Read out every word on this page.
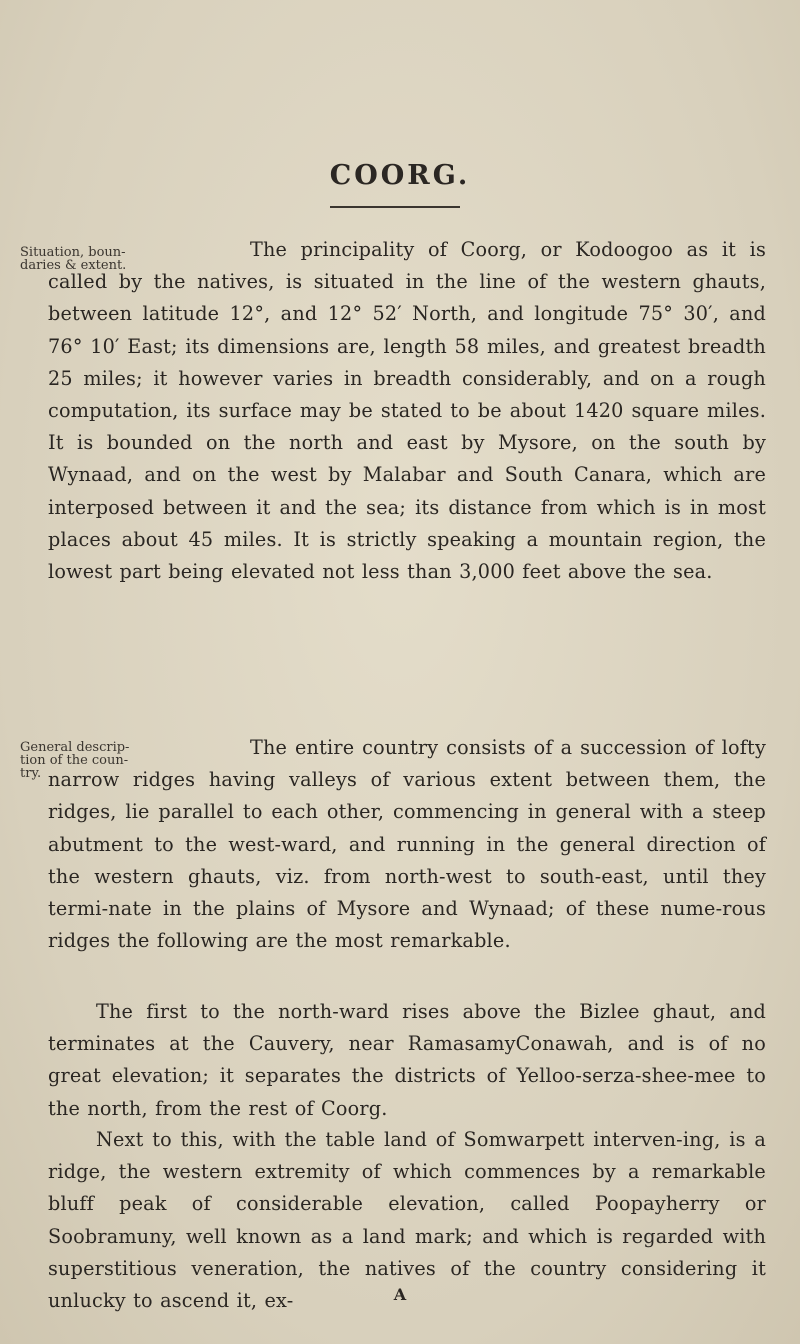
COORG.
Situation, boun- daries & extent.
The principality of Coorg, or Kodoogoo as it is called by the natives, is situated in the line of the western ghauts, between latitude 12°, and 12° 52′ North, and longitude 75° 30′, and 76° 10′ East; its dimensions are, length 58 miles, and greatest breadth 25 miles; it however varies in breadth considerably, and on a rough computation, its surface may be stated to be about 1420 square miles. It is bounded on the north and east by Mysore, on the south by Wynaad, and on the west by Malabar and South Canara, which are interposed between it and the sea; its distance from which is in most places about 45 miles. It is strictly speaking a mountain region, the lowest part being elevated not less than 3,000 feet above the sea.
General descrip- tion of the coun- try.
The entire country consists of a succession of lofty narrow ridges having valleys of various extent between them, the ridges, lie parallel to each other, commencing in general with a steep abutment to the west-ward, and running in the general direction of the western ghauts, viz. from north-west to south-east, until they termi-nate in the plains of Mysore and Wynaad; of these nume-rous ridges the following are the most remarkable.
The first to the north-ward rises above the Bizlee ghaut, and terminates at the Cauvery, near RamasamyConawah, and is of no great elevation; it separates the districts of Yelloo-serza-shee-mee to the north, from the rest of Coorg.
Next to this, with the table land of Somwarpett interven-ing, is a ridge, the western extremity of which commences by a remarkable bluff peak of considerable elevation, called Poopayherry or Soobramuny, well known as a land mark; and which is regarded with superstitious veneration, the natives of the country considering it unlucky to ascend it, ex-	A
